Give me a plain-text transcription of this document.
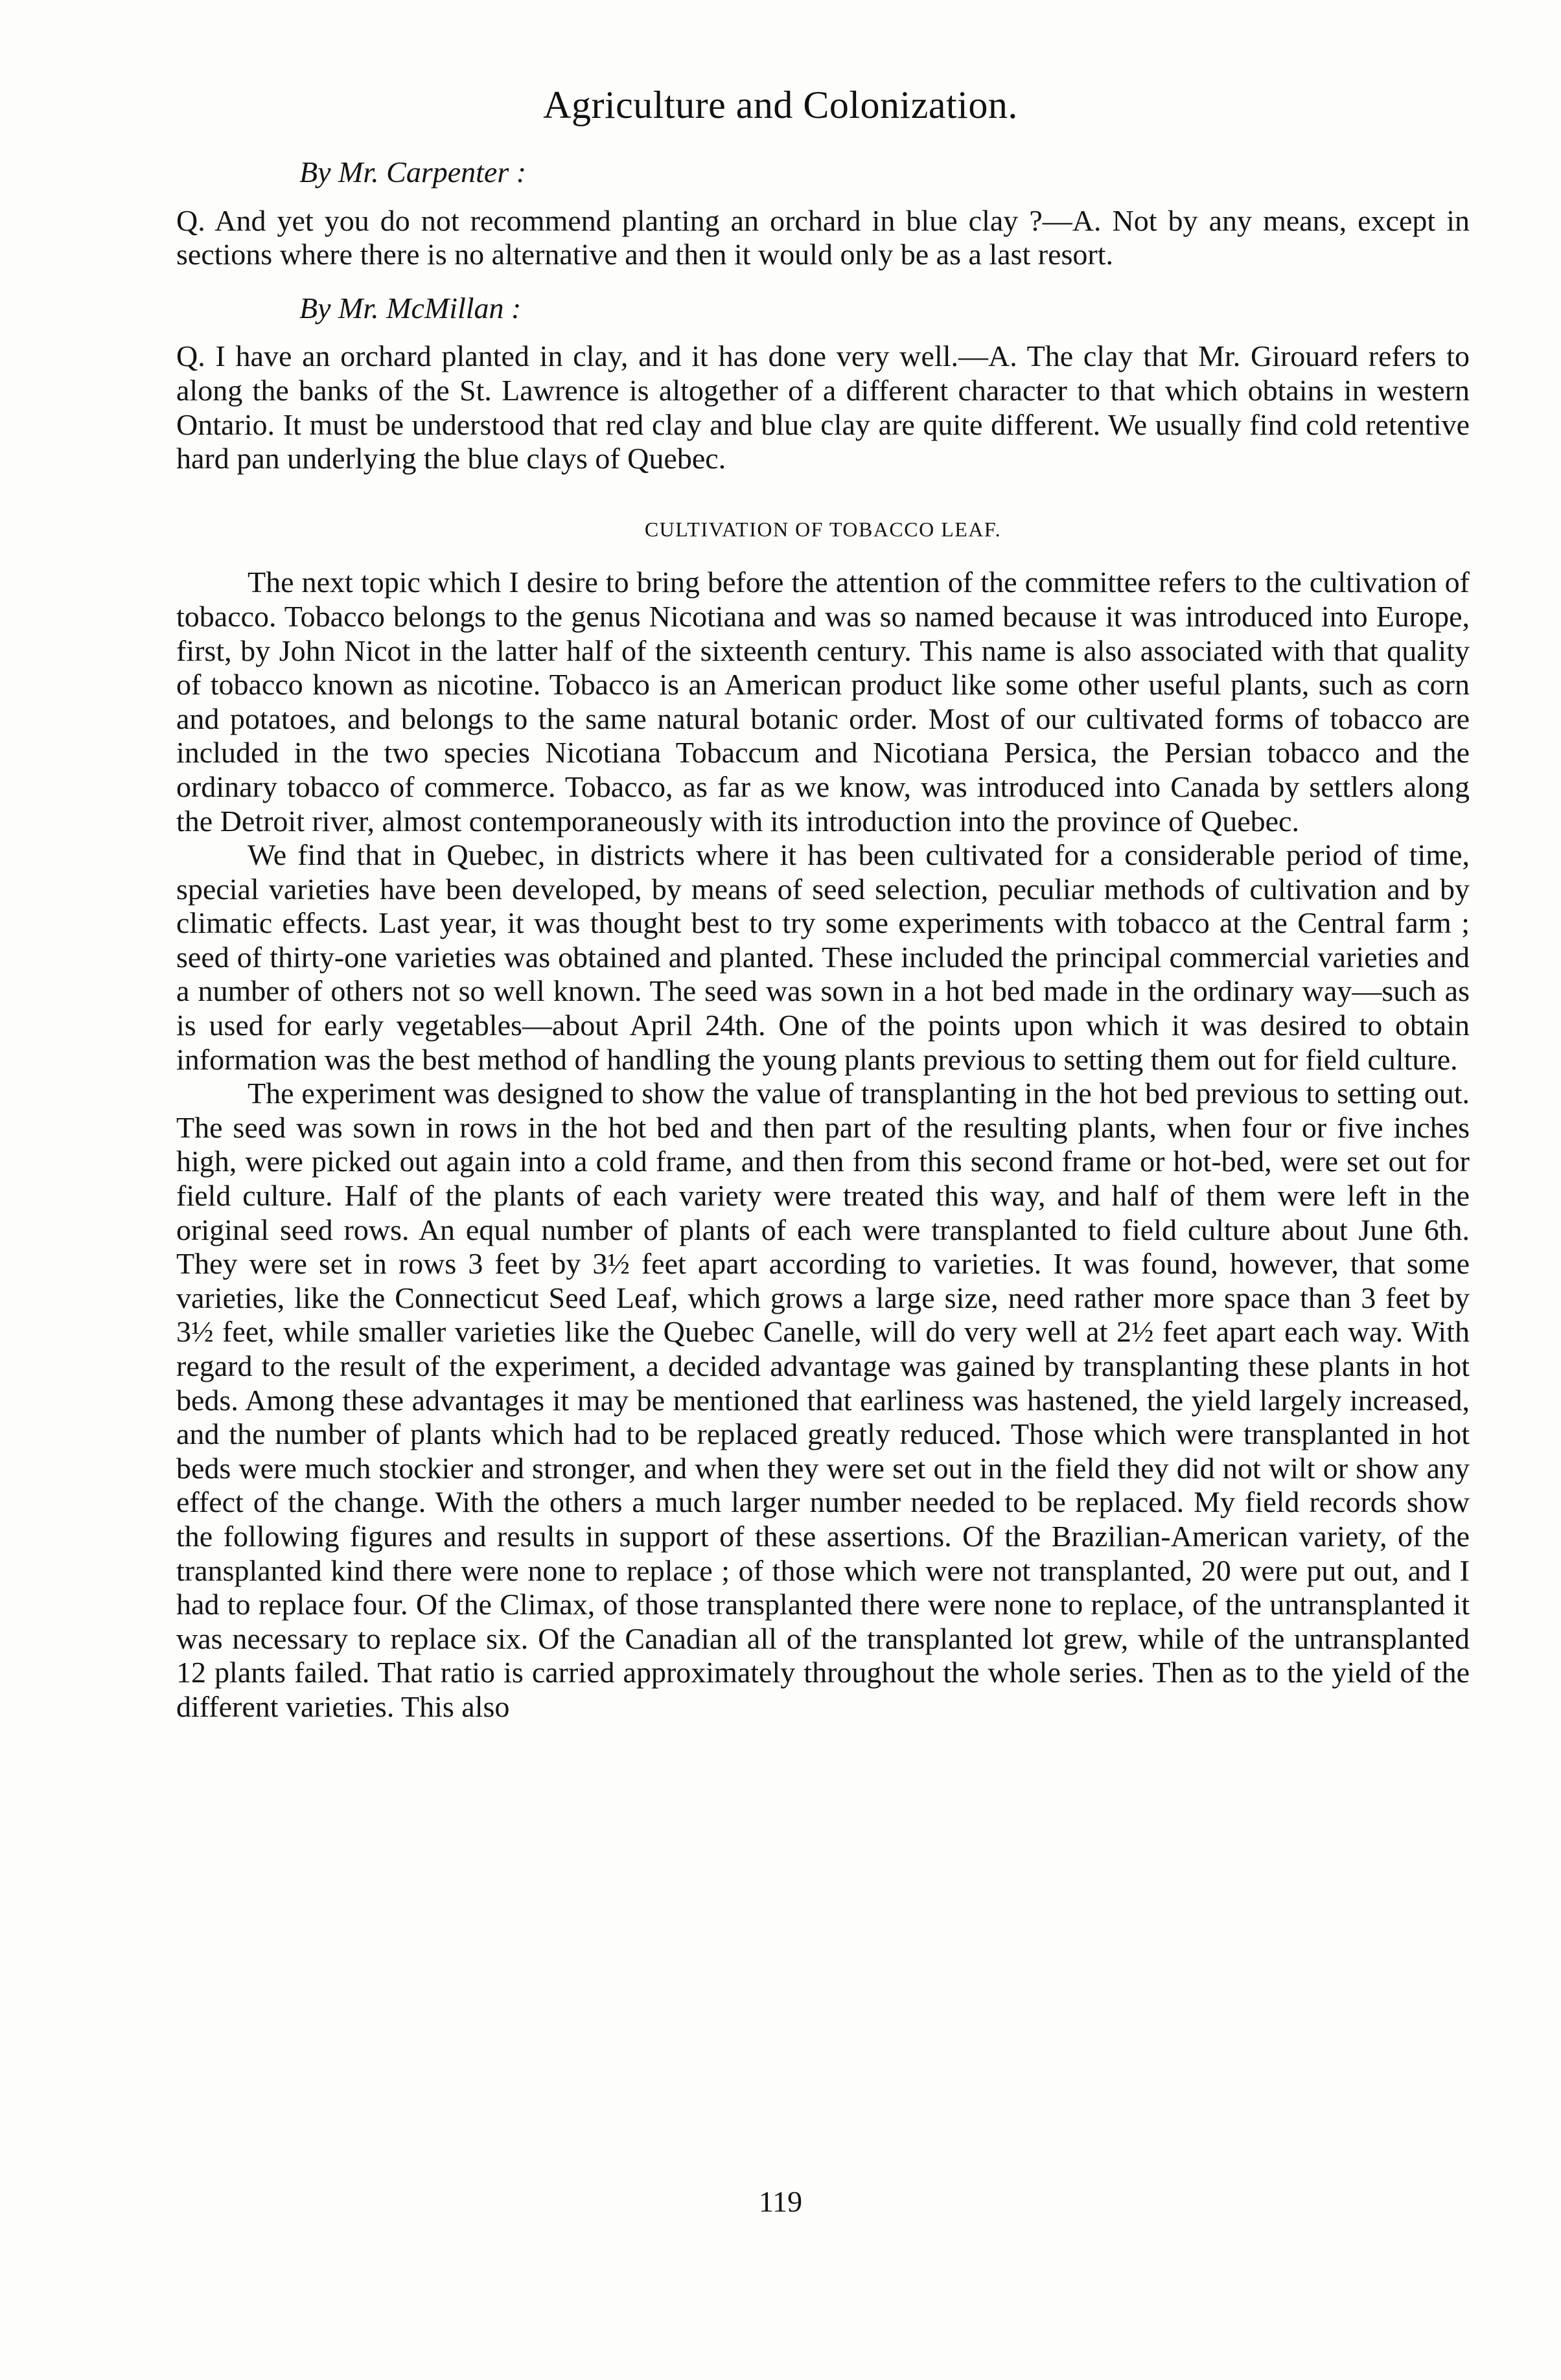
Agriculture and Colonization.

By Mr. Carpenter :

Q. And yet you do not recommend planting an orchard in blue clay ?—A. Not by any means, except in sections where there is no alternative and then it would only be as a last resort.

By Mr. McMillan :

Q. I have an orchard planted in clay, and it has done very well.—A. The clay that Mr. Girouard refers to along the banks of the St. Lawrence is altogether of a different character to that which obtains in western Ontario. It must be understood that red clay and blue clay are quite different. We usually find cold retentive hard pan underlying the blue clays of Quebec.

CULTIVATION OF TOBACCO LEAF.

The next topic which I desire to bring before the attention of the committee refers to the cultivation of tobacco. Tobacco belongs to the genus Nicotiana and was so named because it was introduced into Europe, first, by John Nicot in the latter half of the sixteenth century. This name is also associated with that quality of tobacco known as nicotine. Tobacco is an American product like some other useful plants, such as corn and potatoes, and belongs to the same natural botanic order. Most of our cultivated forms of tobacco are included in the two species Nicotiana Tobaccum and Nicotiana Persica, the Persian tobacco and the ordinary tobacco of commerce. Tobacco, as far as we know, was introduced into Canada by settlers along the Detroit river, almost contemporaneously with its introduction into the province of Quebec.

We find that in Quebec, in districts where it has been cultivated for a considerable period of time, special varieties have been developed, by means of seed selection, peculiar methods of cultivation and by climatic effects. Last year, it was thought best to try some experiments with tobacco at the Central farm ; seed of thirty-one varieties was obtained and planted. These included the principal commercial varieties and a number of others not so well known. The seed was sown in a hot bed made in the ordinary way—such as is used for early vegetables—about April 24th. One of the points upon which it was desired to obtain information was the best method of handling the young plants previous to setting them out for field culture.

The experiment was designed to show the value of transplanting in the hot bed previous to setting out. The seed was sown in rows in the hot bed and then part of the resulting plants, when four or five inches high, were picked out again into a cold frame, and then from this second frame or hot-bed, were set out for field culture. Half of the plants of each variety were treated this way, and half of them were left in the original seed rows. An equal number of plants of each were transplanted to field culture about June 6th. They were set in rows 3 feet by 3½ feet apart according to varieties. It was found, however, that some varieties, like the Connecticut Seed Leaf, which grows a large size, need rather more space than 3 feet by 3½ feet, while smaller varieties like the Quebec Canelle, will do very well at 2½ feet apart each way. With regard to the result of the experiment, a decided advantage was gained by transplanting these plants in hot beds. Among these advantages it may be mentioned that earliness was hastened, the yield largely increased, and the number of plants which had to be replaced greatly reduced. Those which were transplanted in hot beds were much stockier and stronger, and when they were set out in the field they did not wilt or show any effect of the change. With the others a much larger number needed to be replaced. My field records show the following figures and results in support of these assertions. Of the Brazilian-American variety, of the transplanted kind there were none to replace ; of those which were not transplanted, 20 were put out, and I had to replace four. Of the Climax, of those transplanted there were none to replace, of the untransplanted it was necessary to replace six. Of the Canadian all of the transplanted lot grew, while of the untransplanted 12 plants failed. That ratio is carried approximately throughout the whole series. Then as to the yield of the different varieties. This also

119
